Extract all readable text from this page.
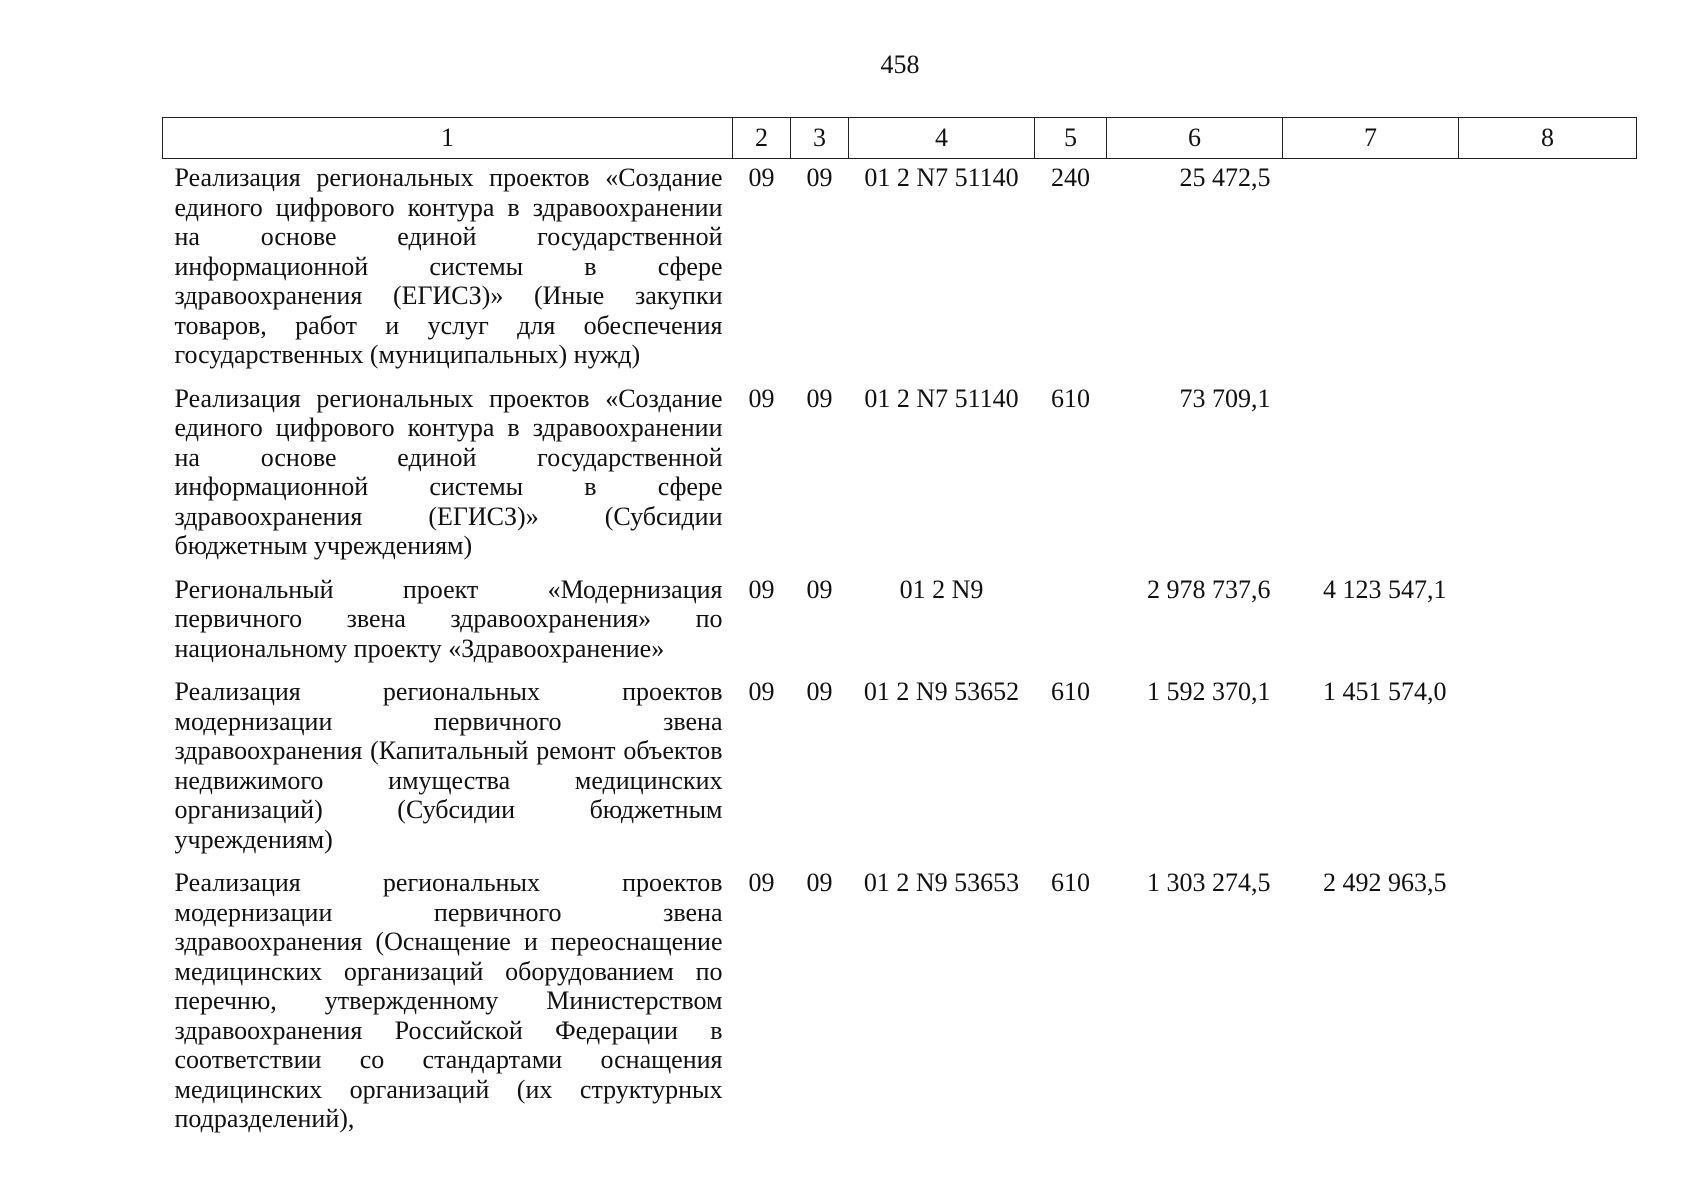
458
1	2	3	4	5	6	7	8
Реализация региональных проектов «Создание единого цифрового контура в здравоохранении на основе единой государственной информационной системы в сфере здравоохранения (ЕГИСЗ)» (Иные закупки товаров, работ и услуг для обеспечения государственных (муниципальных) нужд)	09	09	01 2 N7 51140	240	25 472,5		
Реализация региональных проектов «Создание единого цифрового контура в здравоохранении на основе единой государственной информационной системы в сфере здравоохранения (ЕГИСЗ)» (Субсидии бюджетным учреждениям)	09	09	01 2 N7 51140	610	73 709,1		
Региональный проект «Модернизация первичного звена здравоохранения» по национальному проекту «Здравоохранение»	09	09	01 2 N9		2 978 737,6	4 123 547,1	
Реализация региональных проектов модернизации первичного звена здравоохранения (Капитальный ремонт объектов недвижимого имущества медицинских организаций) (Субсидии бюджетным учреждениям)	09	09	01 2 N9 53652	610	1 592 370,1	1 451 574,0	
Реализация региональных проектов модернизации первичного звена здравоохранения (Оснащение и переоснащение медицинских организаций оборудованием по перечню, утвержденному Министерством здравоохранения Российской Федерации в соответствии со стандартами оснащения медицинских организаций (их структурных подразделений),	09	09	01 2 N9 53653	610	1 303 274,5	2 492 963,5	
